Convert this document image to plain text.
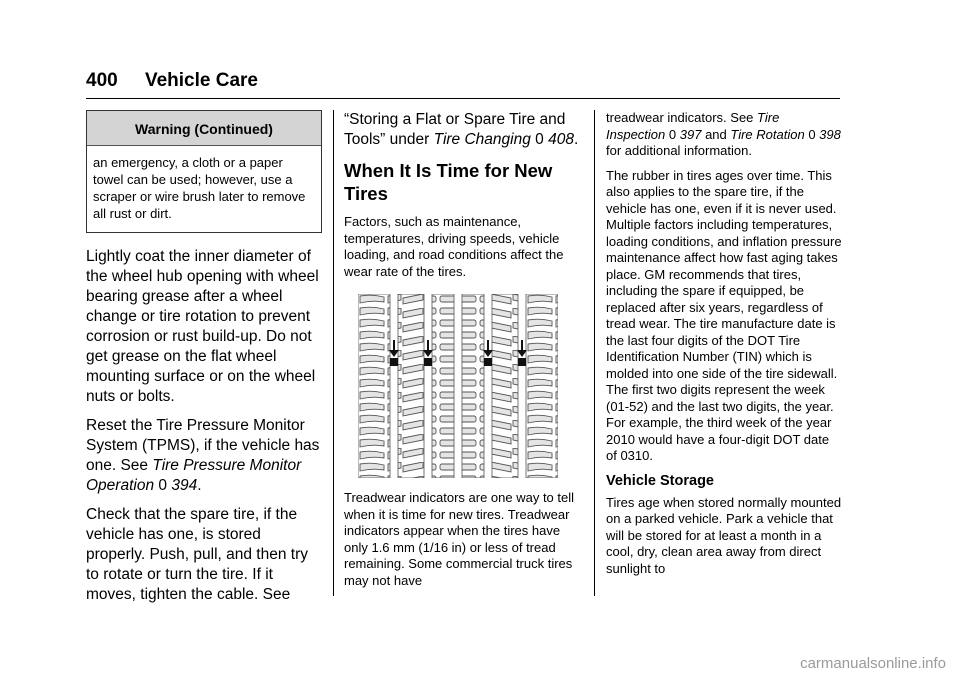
400 Vehicle Care
Warning (Continued)
an emergency, a cloth or a paper towel can be used; however, use a scraper or wire brush later to remove all rust or dirt.

Lightly coat the inner diameter of the wheel hub opening with wheel bearing grease after a wheel change or tire rotation to prevent corrosion or rust build-up. Do not get grease on the flat wheel mounting surface or on the wheel nuts or bolts.

Reset the Tire Pressure Monitor System (TPMS), if the vehicle has one. See Tire Pressure Monitor Operation 0 394.

Check that the spare tire, if the vehicle has one, is stored properly. Push, pull, and then try to rotate or turn the tire. If it moves, tighten the cable. See

“Storing a Flat or Spare Tire and Tools” under Tire Changing 0 408.

When It Is Time for New Tires

Factors, such as maintenance, temperatures, driving speeds, vehicle loading, and road conditions affect the wear rate of the tires.

Treadwear indicators are one way to tell when it is time for new tires. Treadwear indicators appear when the tires have only 1.6 mm (1/16 in) or less of tread remaining. Some commercial truck tires may not have

treadwear indicators. See Tire Inspection 0 397 and Tire Rotation 0 398 for additional information.

The rubber in tires ages over time. This also applies to the spare tire, if the vehicle has one, even if it is never used. Multiple factors including temperatures, loading conditions, and inflation pressure maintenance affect how fast aging takes place. GM recommends that tires, including the spare if equipped, be replaced after six years, regardless of tread wear. The tire manufacture date is the last four digits of the DOT Tire Identification Number (TIN) which is molded into one side of the tire sidewall. The first two digits represent the week (01-52) and the last two digits, the year. For example, the third week of the year 2010 would have a four-digit DOT date of 0310.

Vehicle Storage

Tires age when stored normally mounted on a parked vehicle. Park a vehicle that will be stored for at least a month in a cool, dry, clean area away from direct sunlight to

carmanualsonline.info
